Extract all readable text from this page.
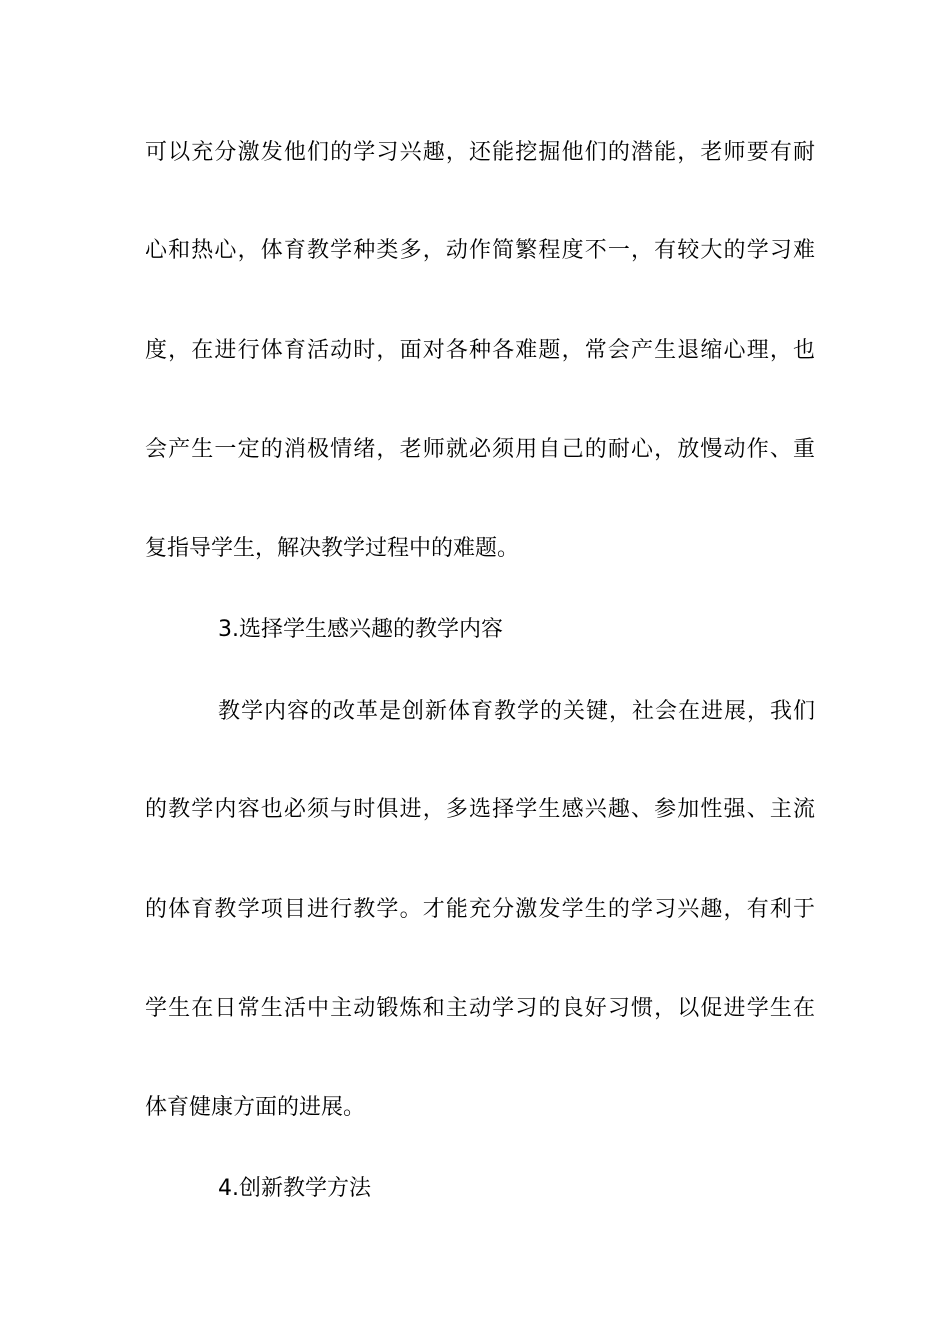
可以充分激发他们的学习兴趣，还能挖掘他们的潜能，老师要有耐
心和热心，体育教学种类多，动作简繁程度不一，有较大的学习难
度，在进行体育活动时，面对各种各难题，常会产生退缩心理，也
会产生一定的消极情绪，老师就必须用自己的耐心，放慢动作、重
复指导学生，解决教学过程中的难题。
3.选择学生感兴趣的教学内容
教学内容的改革是创新体育教学的关键，社会在进展，我们
的教学内容也必须与时俱进，多选择学生感兴趣、参加性强、主流
的体育教学项目进行教学。才能充分激发学生的学习兴趣，有利于
学生在日常生活中主动锻炼和主动学习的良好习惯，以促进学生在
体育健康方面的进展。
4.创新教学方法
